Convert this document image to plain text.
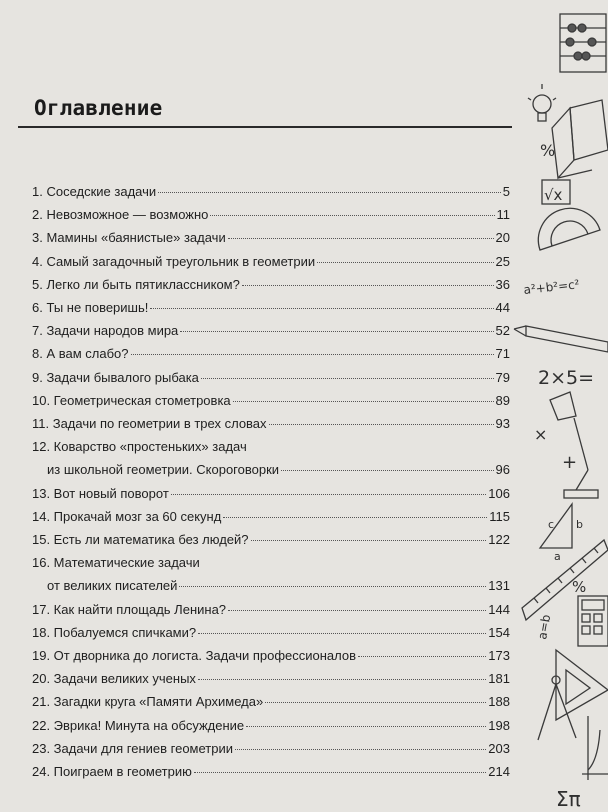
Оглавление
1. Соседские задачи	5
2. Невозможное — возможно	11
3. Мамины «баянистые» задачи	20
4. Самый загадочный треугольник в геометрии	25
5. Легко ли быть пятиклассником?	36
6. Ты не поверишь!	44
7. Задачи народов мира	52
8. А вам слабо?	71
9. Задачи бывалого рыбака	79
10. Геометрическая стометровка	89
11. Задачи по геометрии в трех словах	93
12. Коварство «простеньких» задач
из школьной геометрии. Скороговорки	96
13. Вот новый поворот	106
14. Прокачай мозг за 60 секунд	115
15. Есть ли математика без людей?	122
16. Математические задачи
от великих писателей	131
17. Как найти площадь Ленина?	144
18. Побалуемся спичками?	154
19. От дворника до логиста. Задачи профессионалов	173
20. Задачи великих ученых	181
21. Загадки круга «Памяти Архимеда»	188
22. Эврика! Минута на обсуждение	198
23. Задачи для гениев геометрии	203
24. Поиграем в геометрию	214
%
√x
a²+b²=c²
2×5=
+
×
c b
a
%
a=b
Σπ
